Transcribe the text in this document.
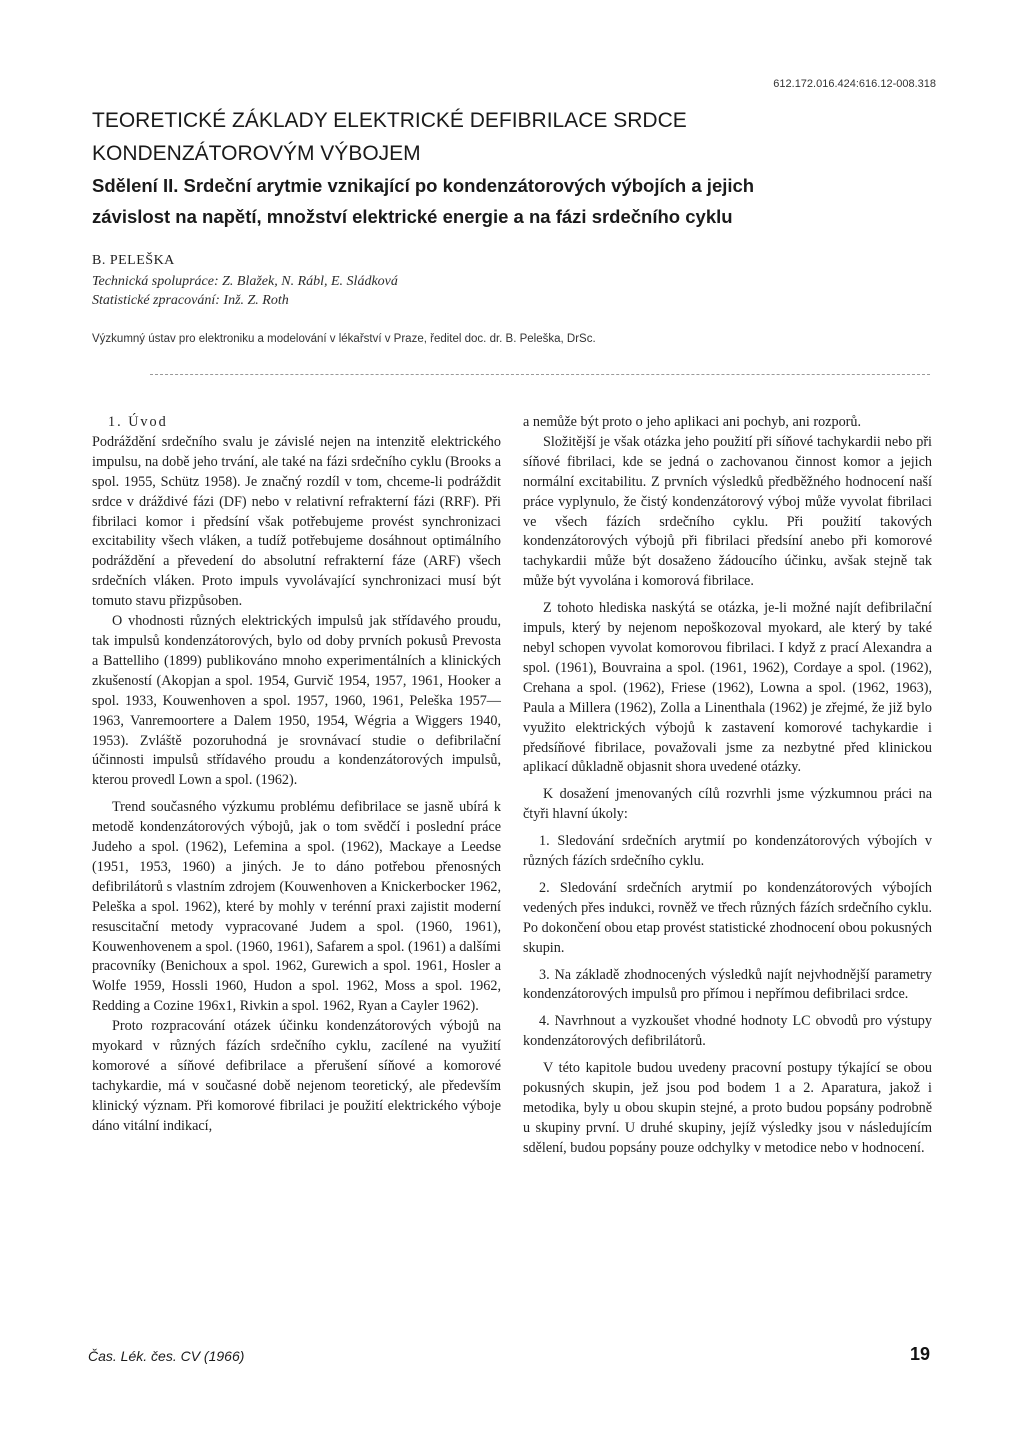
612.172.016.424:616.12-008.318
TEORETICKÉ ZÁKLADY ELEKTRICKÉ DEFIBRILACE SRDCE
KONDENZÁTOROVÝM VÝBOJEM
Sdělení II. Srdeční arytmie vznikající po kondenzátorových výbojích a jejich
závislost na napětí, množství elektrické energie a na fázi srdečního cyklu
B. PELEŠKA
Technická spolupráce: Z. Blažek, N. Rábl, E. Sládková
Statistické zpracování: Inž. Z. Roth
Výzkumný ústav pro elektroniku a modelování v lékařství v Praze, ředitel doc. dr. B. Peleška, DrSc.
1. Úvod

Podráždění srdečního svalu je závislé nejen na intenzitě elektrického impulsu, na době jeho trvání, ale také na fázi srdečního cyklu (Brooks a spol. 1955, Schütz 1958). Je značný rozdíl v tom, chceme-li podráždit srdce v dráždivé fázi (DF) nebo v relativní refrakterní fázi (RRF). Při fibrilaci komor i předsíní však potřebujeme provést synchronizaci excitability všech vláken, a tudíž potřebujeme dosáhnout optimálního podráždění a převedení do absolutní refrakterní fáze (ARF) všech srdečních vláken. Proto impuls vyvolávající synchronizaci musí být tomuto stavu přizpůsoben.

O vhodnosti různých elektrických impulsů jak střídavého proudu, tak impulsů kondenzátorových, bylo od doby prvních pokusů Prevosta a Battelliho (1899) publikováno mnoho experimentálních a klinických zkušeností (Akopjan a spol. 1954, Gurvič 1954, 1957, 1961, Hooker a spol. 1933, Kouwenhoven a spol. 1957, 1960, 1961, Peleška 1957—1963, Vanremoortere a Dalem 1950, 1954, Wégria a Wiggers 1940, 1953). Zvláště pozoruhodná je srovnávací studie o defibrilační účinnosti impulsů střídavého proudu a kondenzátorových impulsů, kterou provedl Lown a spol. (1962).

Trend současného výzkumu problému defibrilace se jasně ubírá k metodě kondenzátorových výbojů, jak o tom svědčí i poslední práce Judeho a spol. (1962), Lefemina a spol. (1962), Mackaye a Leedse (1951, 1953, 1960) a jiných. Je to dáno potřebou přenosných defibrilátorů s vlastním zdrojem (Kouwenhoven a Knickerbocker 1962, Peleška a spol. 1962), které by mohly v terénní praxi zajistit moderní resuscitační metody vypracované Judem a spol. (1960, 1961), Kouwenhovenem a spol. (1960, 1961), Safarem a spol. (1961) a dalšími pracovníky (Benichoux a spol. 1962, Gurewich a spol. 1961, Hosler a Wolfe 1959, Hossli 1960, Hudon a spol. 1962, Moss a spol. 1962, Redding a Cozine 196x1, Rivkin a spol. 1962, Ryan a Cayler 1962).

Proto rozpracování otázek účinku kondenzátorových výbojů na myokard v různých fázích srdečního cyklu, zacílené na využití komorové a síňové defibrilace a přerušení síňové a komorové tachykardie, má v současné době nejenom teoretický, ale především klinický význam. Při komorové fibrilaci je použití elektrického výboje dáno vitální indikací,

a nemůže být proto o jeho aplikaci ani pochyb, ani rozporů.

Složitější je však otázka jeho použití při síňové tachykardii nebo při síňové fibrilaci, kde se jedná o zachovanou činnost komor a jejich normální excitabilitu. Z prvních výsledků předběžného hodnocení naší práce vyplynulo, že čistý kondenzátorový výboj může vyvolat fibrilaci ve všech fázích srdečního cyklu. Při použití takových kondenzátorových výbojů při fibrilaci předsíní anebo při komorové tachykardii může být dosaženo žádoucího účinku, avšak stejně tak může být vyvolána i komorová fibrilace.

Z tohoto hlediska naskýtá se otázka, je-li možné najít defibrilační impuls, který by nejenom nepoškozoval myokard, ale který by také nebyl schopen vyvolat komorovou fibrilaci. I když z prací Alexandra a spol. (1961), Bouvraina a spol. (1961, 1962), Cordaye a spol. (1962), Crehana a spol. (1962), Friese (1962), Lowna a spol. (1962, 1963), Paula a Millera (1962), Zolla a Linenthala (1962) je zřejmé, že již bylo využito elektrických výbojů k zastavení komorové tachykardie i předsíňové fibrilace, považovali jsme za nezbytné před klinickou aplikací důkladně objasnit shora uvedené otázky.

K dosažení jmenovaných cílů rozvrhli jsme výzkumnou práci na čtyři hlavní úkoly:

1. Sledování srdečních arytmií po kondenzátorových výbojích v různých fázích srdečního cyklu.

2. Sledování srdečních arytmií po kondenzátorových výbojích vedených přes indukci, rovněž ve třech různých fázích srdečního cyklu. Po dokončení obou etap provést statistické zhodnocení obou pokusných skupin.

3. Na základě zhodnocených výsledků najít nejvhodnější parametry kondenzátorových impulsů pro přímou i nepřímou defibrilaci srdce.

4. Navrhnout a vyzkoušet vhodné hodnoty LC obvodů pro výstupy kondenzátorových defibrilátorů.

V této kapitole budou uvedeny pracovní postupy týkající se obou pokusných skupin, jež jsou pod bodem 1 a 2. Aparatura, jakož i metodika, byly u obou skupin stejné, a proto budou popsány podrobně u skupiny první. U druhé skupiny, jejíž výsledky jsou v následujícím sdělení, budou popsány pouze odchylky v metodice nebo v hodnocení.

Čas. Lék. čes. CV (1966)	19
